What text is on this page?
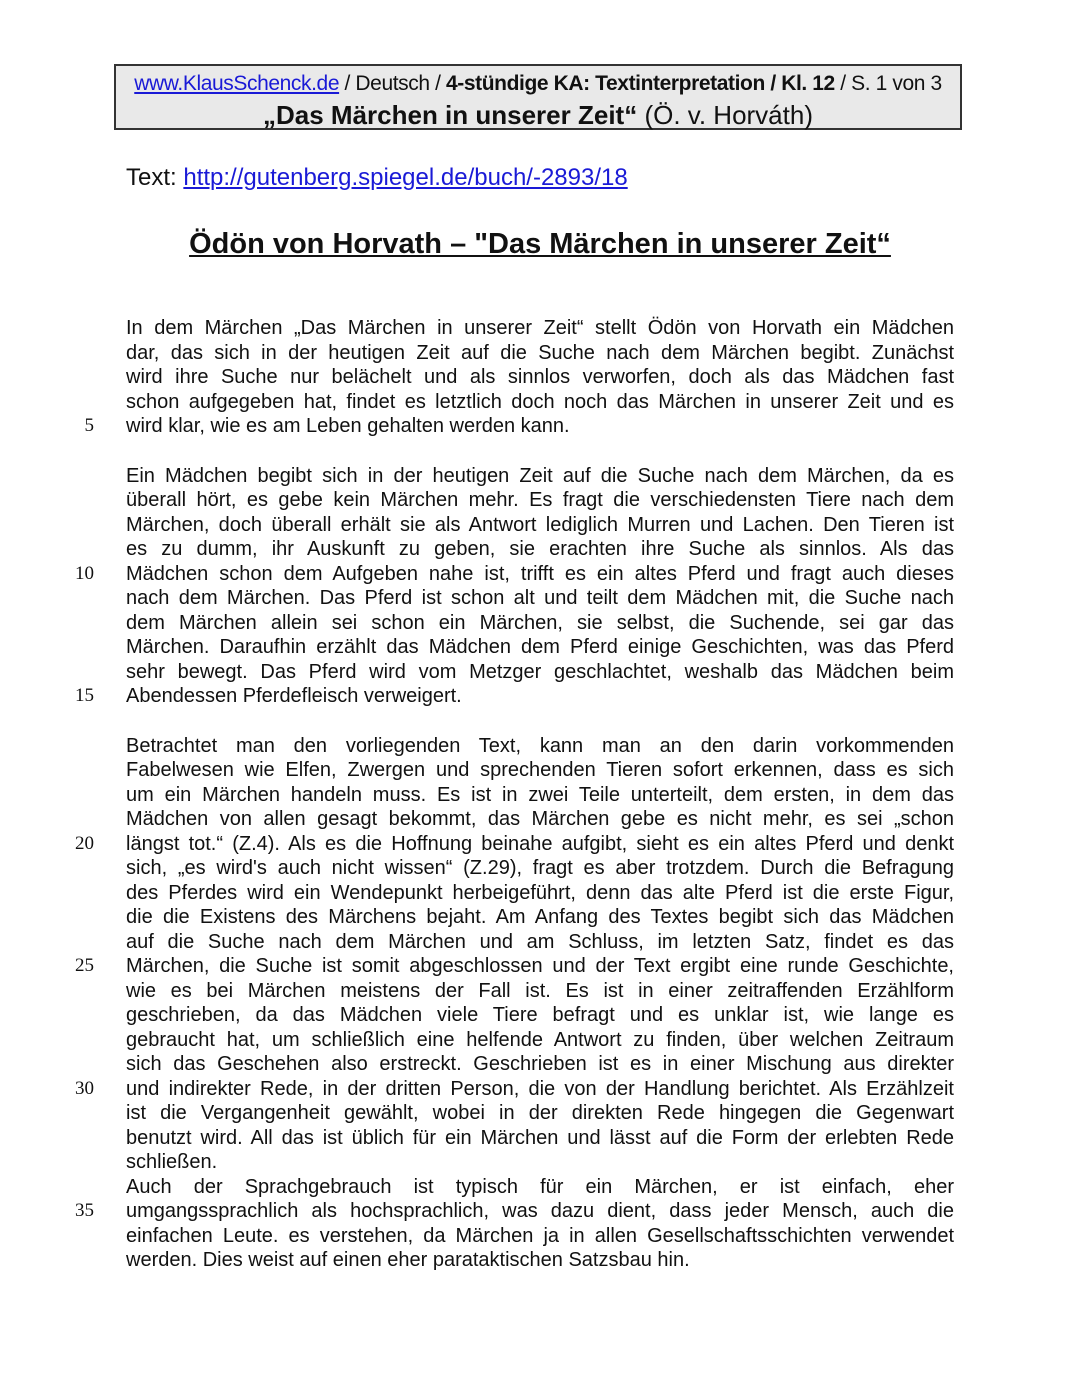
www.KlausSchenck.de / Deutsch / 4-stündige KA: Textinterpretation / Kl. 12 / S. 1 von 3
„Das Märchen in unserer Zeit“ (Ö. v. Horváth)
Text: http://gutenberg.spiegel.de/buch/-2893/18
Ödön von Horvath – "Das Märchen in unserer Zeit“
In dem Märchen „Das Märchen in unserer Zeit“ stellt Ödön von Horvath ein Mädchen
dar, das sich in der heutigen Zeit auf die Suche nach dem Märchen begibt. Zunächst
wird ihre Suche nur belächelt und als sinnlos verworfen, doch als das Mädchen fast
schon aufgegeben hat, findet es letztlich doch noch das Märchen in unserer Zeit und es
wird klar, wie es am Leben gehalten werden kann.
5
Ein Mädchen begibt sich in der heutigen Zeit auf die Suche nach dem Märchen, da es
überall hört, es gebe kein Märchen mehr. Es fragt die verschiedensten Tiere nach dem
Märchen, doch überall erhält sie als Antwort lediglich Murren und Lachen. Den Tieren ist
es zu dumm, ihr Auskunft zu geben, sie erachten ihre Suche als sinnlos. Als das
Mädchen schon dem Aufgeben nahe ist, trifft es ein altes Pferd und fragt auch dieses
10
nach dem Märchen. Das Pferd ist schon alt und teilt dem Mädchen mit, die Suche nach
dem Märchen allein sei schon ein Märchen, sie selbst, die Suchende, sei gar das
Märchen. Daraufhin erzählt das Mädchen dem Pferd einige Geschichten, was das Pferd
sehr bewegt. Das Pferd wird vom Metzger geschlachtet, weshalb das Mädchen beim
Abendessen Pferdefleisch verweigert.
15
Betrachtet man den vorliegenden Text, kann man an den darin vorkommenden
Fabelwesen wie Elfen, Zwergen und sprechenden Tieren sofort erkennen, dass es sich
um ein Märchen handeln muss. Es ist in zwei Teile unterteilt, dem ersten, in dem das
Mädchen von allen gesagt bekommt, das Märchen gebe es nicht mehr, es sei „schon
längst tot.“ (Z.4). Als es die Hoffnung beinahe aufgibt, sieht es ein altes Pferd und denkt
20
sich, „es wird's auch nicht wissen“ (Z.29), fragt es aber trotzdem. Durch die Befragung
des Pferdes wird ein Wendepunkt herbeigeführt, denn das alte Pferd ist die erste Figur,
die die Existens des Märchens bejaht. Am Anfang des Textes begibt sich das Mädchen
auf die Suche nach dem Märchen und am Schluss, im letzten Satz, findet es das
Märchen, die Suche ist somit abgeschlossen und der Text ergibt eine runde Geschichte,
25
wie es bei Märchen meistens der Fall ist. Es ist in einer zeitraffenden Erzählform
geschrieben, da das Mädchen viele Tiere befragt und es unklar ist, wie lange es
gebraucht hat, um schließlich eine helfende Antwort zu finden, über welchen Zeitraum
sich das Geschehen also erstreckt. Geschrieben ist es in einer Mischung aus direkter
und indirekter Rede, in der dritten Person, die von der Handlung berichtet. Als Erzählzeit
30
ist die Vergangenheit gewählt, wobei in der direkten Rede hingegen die Gegenwart
benutzt wird. All das ist üblich für ein Märchen und lässt auf die Form der erlebten Rede
schließen.
Auch der Sprachgebrauch ist typisch für ein Märchen, er ist einfach, eher
umgangssprachlich als hochsprachlich, was dazu dient, dass jeder Mensch, auch die
35
einfachen Leute. es verstehen, da Märchen ja in allen Gesellschaftsschichten verwendet
werden. Dies weist auf einen eher parataktischen Satzsbau hin.
